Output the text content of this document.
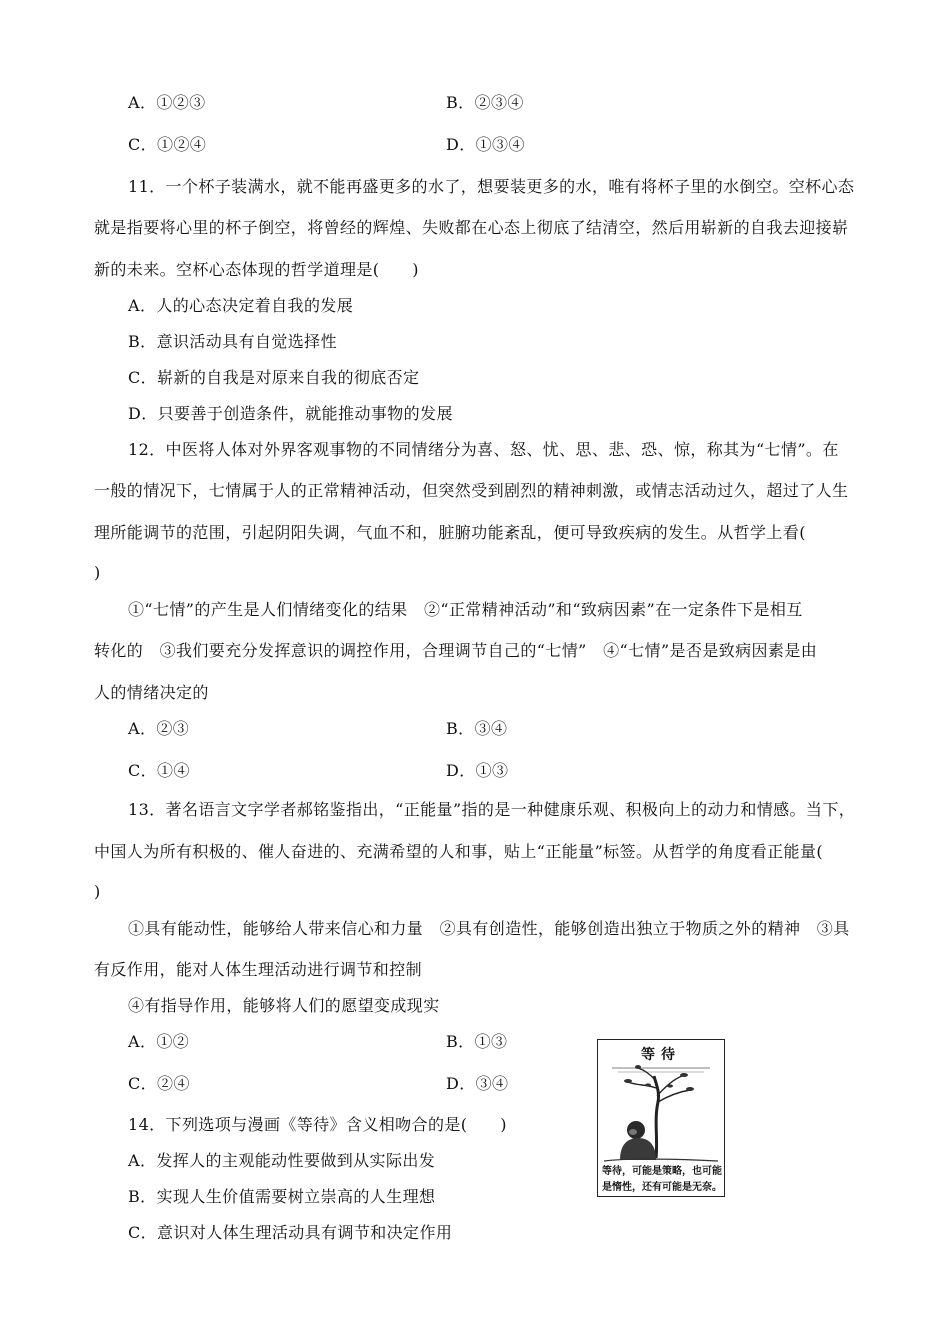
A．①②③	B．②③④
C．①②④	D．①③④
11．一个杯子装满水，就不能再盛更多的水了，想要装更多的水，唯有将杯子里的水倒空。空杯心态
就是指要将心里的杯子倒空，将曾经的辉煌、失败都在心态上彻底了结清空，然后用崭新的自我去迎接崭
新的未来。空杯心态体现的哲学道理是(　　)
A．人的心态决定着自我的发展
B．意识活动具有自觉选择性
C．崭新的自我是对原来自我的彻底否定
D．只要善于创造条件，就能推动事物的发展
12．中医将人体对外界客观事物的不同情绪分为喜、怒、忧、思、悲、恐、惊，称其为“七情”。在
一般的情况下，七情属于人的正常精神活动，但突然受到剧烈的精神刺激，或情志活动过久，超过了人生
理所能调节的范围，引起阴阳失调，气血不和，脏腑功能紊乱，便可导致疾病的发生。从哲学上看(
)
①“七情”的产生是人们情绪变化的结果　②“正常精神活动”和“致病因素”在一定条件下是相互
转化的　③我们要充分发挥意识的调控作用，合理调节自己的“七情”　④“七情”是否是致病因素是由
人的情绪决定的
A．②③	B．③④
C．①④	D．①③
13．著名语言文字学者郝铭鉴指出，“正能量”指的是一种健康乐观、积极向上的动力和情感。当下，
中国人为所有积极的、催人奋进的、充满希望的人和事，贴上“正能量”标签。从哲学的角度看正能量(
)
①具有能动性，能够给人带来信心和力量　②具有创造性，能够创造出独立于物质之外的精神　③具
有反作用，能对人体生理活动进行调节和控制
④有指导作用，能够将人们的愿望变成现实
A．①②	B．①③
C．②④	D．③④
14．下列选项与漫画《等待》含义相吻合的是(　　)
A．发挥人的主观能动性要做到从实际出发
B．实现人生价值需要树立崇高的人生理想
C．意识对人体生理活动具有调节和决定作用
等待
等待，可能是策略，也可能
是惰性，还有可能是无奈。
